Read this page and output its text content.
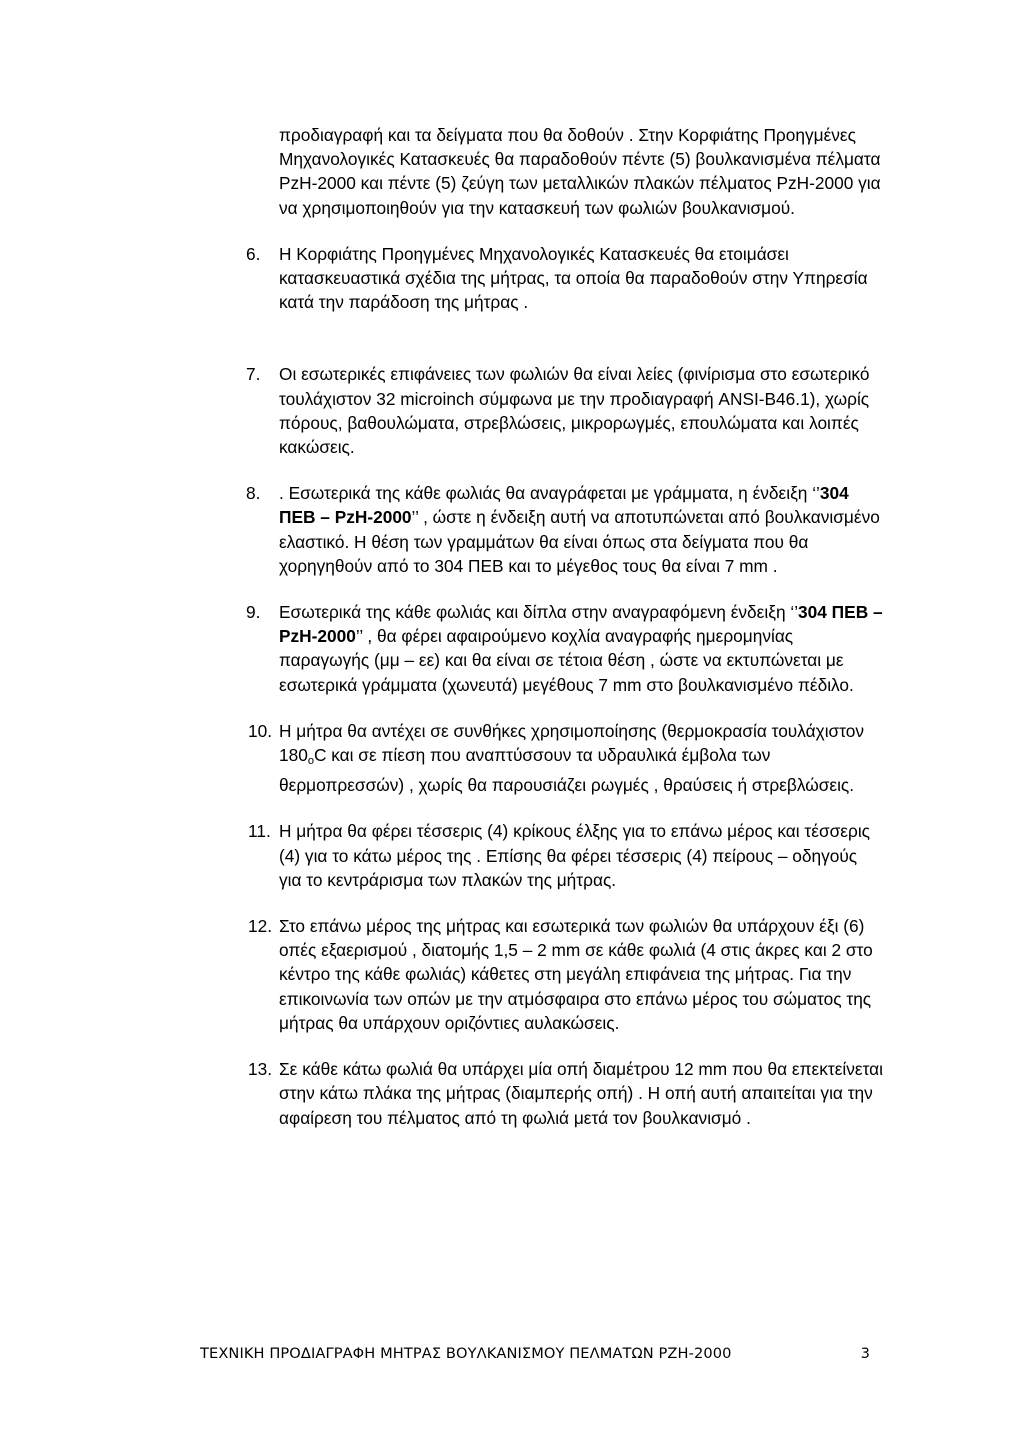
προδιαγραφή και τα δείγματα που θα δοθούν . Στην Κορφιάτης Προηγμένες Μηχανολογικές Κατασκευές θα παραδοθούν πέντε (5) βουλκανισμένα πέλματα PzH-2000 και πέντε (5) ζεύγη των μεταλλικών πλακών πέλματος PzH-2000 για να χρησιμοποιηθούν για την κατασκευή των φωλιών βουλκανισμού.
6.	Η Κορφιάτης Προηγμένες Μηχανολογικές Κατασκευές θα ετοιμάσει κατασκευαστικά σχέδια της μήτρας, τα οποία θα παραδοθούν στην Υπηρεσία κατά την παράδοση της μήτρας .
7.	Οι εσωτερικές επιφάνειες των φωλιών θα είναι λείες (φινίρισμα στο εσωτερικό τουλάχιστον 32 microinch σύμφωνα με την προδιαγραφή ANSI-B46.1), χωρίς πόρους, βαθουλώματα, στρεβλώσεις, μικρορωγμές, επουλώματα και λοιπές κακώσεις.
8.	. Εσωτερικά της κάθε φωλιάς θα αναγράφεται με γράμματα, η ένδειξη ‘’304 ΠΕΒ – PzH-2000’’ , ώστε η ένδειξη αυτή να αποτυπώνεται από βουλκανισμένο ελαστικό. Η θέση των γραμμάτων θα είναι όπως στα δείγματα που θα χορηγηθούν από το 304 ΠΕΒ και το μέγεθος τους θα είναι 7 mm .
9.	Εσωτερικά της κάθε φωλιάς και δίπλα στην αναγραφόμενη ένδειξη ‘’304 ΠΕΒ – PzH-2000’’ , θα φέρει αφαιρούμενο κοχλία αναγραφής ημερομηνίας παραγωγής (μμ – εε) και θα είναι σε τέτοια θέση , ώστε να εκτυπώνεται με εσωτερικά γράμματα (χωνευτά) μεγέθους 7 mm στο βουλκανισμένο πέδιλο.
10. Η μήτρα θα αντέχει σε συνθήκες χρησιμοποίησης (θερμοκρασία τουλάχιστον $180_oC$ και σε πίεση που αναπτύσσουν τα υδραυλικά έμβολα των θερμοπρεσσών) , χωρίς θα παρουσιάζει ρωγμές , θραύσεις ή στρεβλώσεις.
11. Η μήτρα θα φέρει τέσσερις (4) κρίκους έλξης για το επάνω μέρος και τέσσερις (4) για το κάτω μέρος της . Επίσης θα φέρει τέσσερις (4) πείρους – οδηγούς για το κεντράρισμα των πλακών της μήτρας.
12. Στο επάνω μέρος της μήτρας και εσωτερικά των φωλιών θα υπάρχουν έξι (6) οπές εξαερισμού , διατομής 1,5 – 2 mm σε κάθε φωλιά (4 στις άκρες και 2 στο κέντρο της κάθε φωλιάς) κάθετες στη μεγάλη επιφάνεια της μήτρας. Για την επικοινωνία των οπών με την ατμόσφαιρα στο επάνω μέρος του σώματος της μήτρας θα υπάρχουν οριζόντιες αυλακώσεις.
13. Σε κάθε κάτω φωλιά θα υπάρχει μία οπή διαμέτρου 12 mm που θα επεκτείνεται στην κάτω πλάκα της μήτρας (διαμπερής οπή) . Η οπή αυτή απαιτείται για την αφαίρεση του πέλματος από τη φωλιά μετά τον βουλκανισμό .
ΤΕΧΝΙΚΗ ΠΡΟΔΙΑΓΡΑΦΗ ΜΗΤΡΑΣ ΒΟΥΛΚΑΝΙΣΜΟΥ ΠΕΛΜΑΤΩΝ PZH-2000	3
